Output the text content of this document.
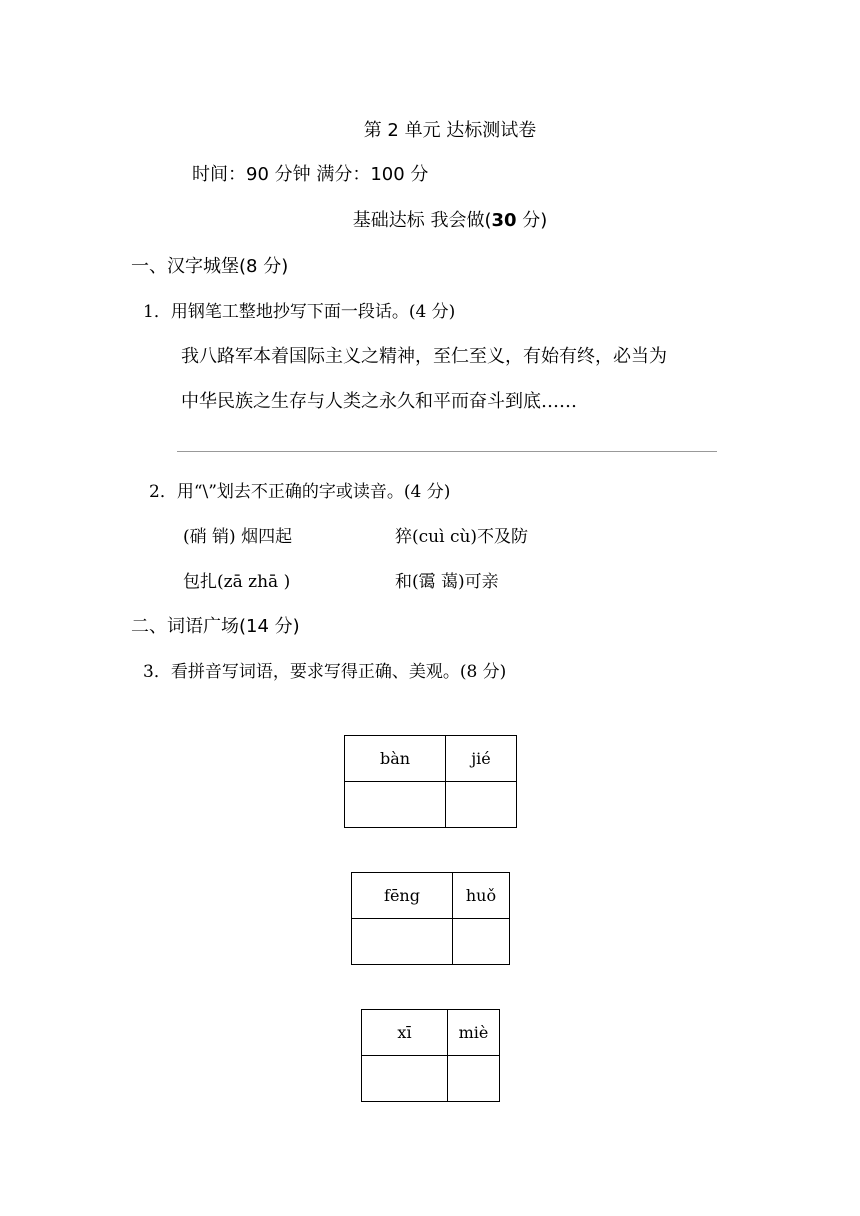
第 2 单元 达标测试卷
时间：90 分钟 满分：100 分
基础达标 我会做(30 分)
一、汉字城堡(8 分)
1．用钢笔工整地抄写下面一段话。(4 分)
我八路军本着国际主义之精神，至仁至义，有始有终，必当为
中华民族之生存与人类之永久和平而奋斗到底……
2．用“\”划去不正确的字或读音。(4 分)
(硝 销) 烟四起	猝(cuì cù)不及防
包扎(zā zhā )	和(霭 蔼)可亲
二、词语广场(14 分)
3．看拼音写词语，要求写得正确、美观。(8 分)
bàn	jié

fēng	huǒ

xī	miè
